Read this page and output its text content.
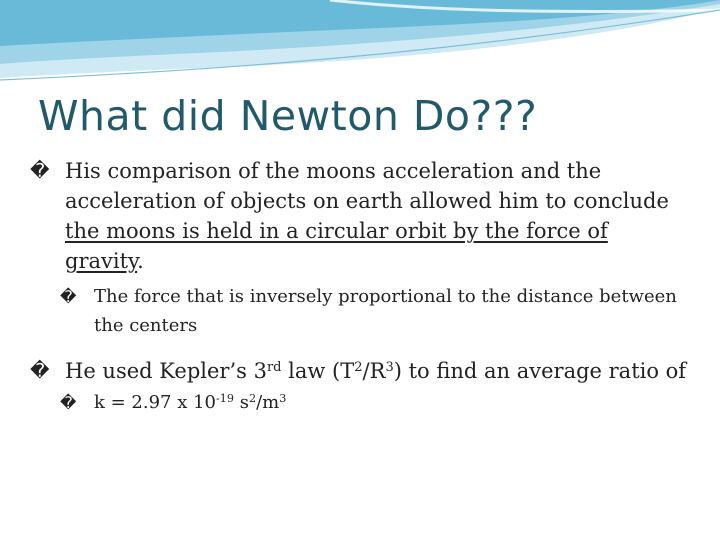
What did Newton Do???
� His comparison of the moons acceleration and the acceleration of objects on earth allowed him to conclude the moons is held in a circular orbit by the force of gravity.
� The force that is inversely proportional to the distance between the centers
� He used Kepler’s 3rd law $(T^2/R^3)$ to find an average ratio of
� k = 2.97 x $10^{-19}$ $s^2/m^3$
